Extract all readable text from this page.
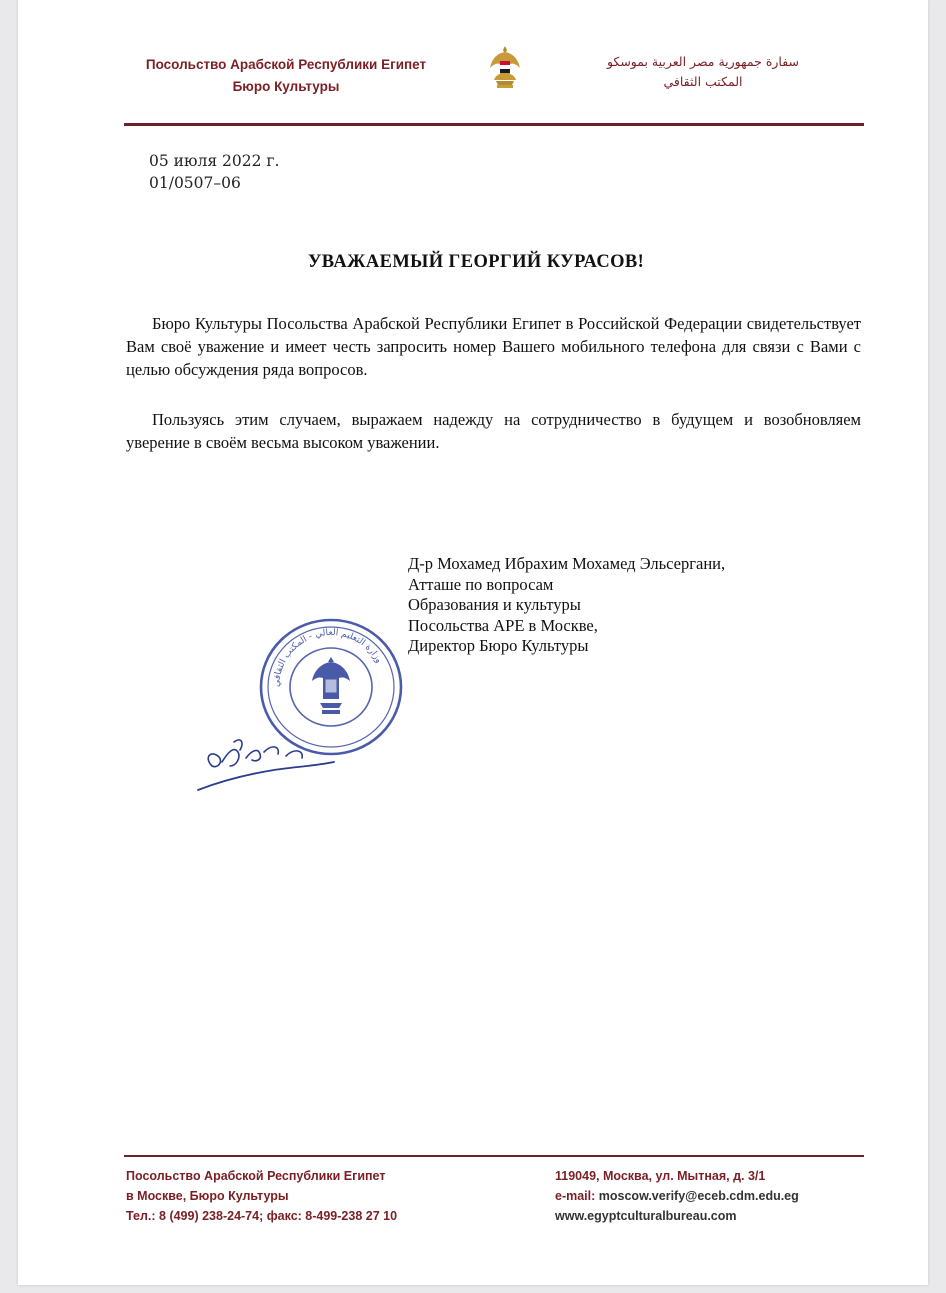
Посольство Арабской Республики Египет
Бюро Культуры
سفارة جمهورية مصر العربية بموسكو
المكتب الثقافي
05 июля 2022 г.
01/0507–06
УВАЖАЕМЫЙ ГЕОРГИЙ КУРАСОВ!

Бюро Культуры Посольства Арабской Республики Египет в Российской Федерации свидетельствует Вам своё уважение и имеет честь запросить номер Вашего мобильного телефона для связи с Вами с целью обсуждения ряда вопросов.

Пользуясь этим случаем, выражаем надежду на сотрудничество в будущем и возобновляем уверение в своём весьма высоком уважении.

Д-р Мохамед Ибрахим Мохамед Эльсергани,
Атташе по вопросам
Образования и культуры
Посольства АРЕ в Москве,
Директор Бюро Культуры
وزارة التعليم العالي - المكتب الثقافي
Посольство Арабской Республики Египет
в Москве, Бюро Культуры
Тел.: 8 (499) 238-24-74; факс: 8-499-238 27 10
119049, Москва, ул. Мытная, д. 3/1
e-mail: moscow.verify@eceb.cdm.edu.eg
www.egyptculturalbureau.com
